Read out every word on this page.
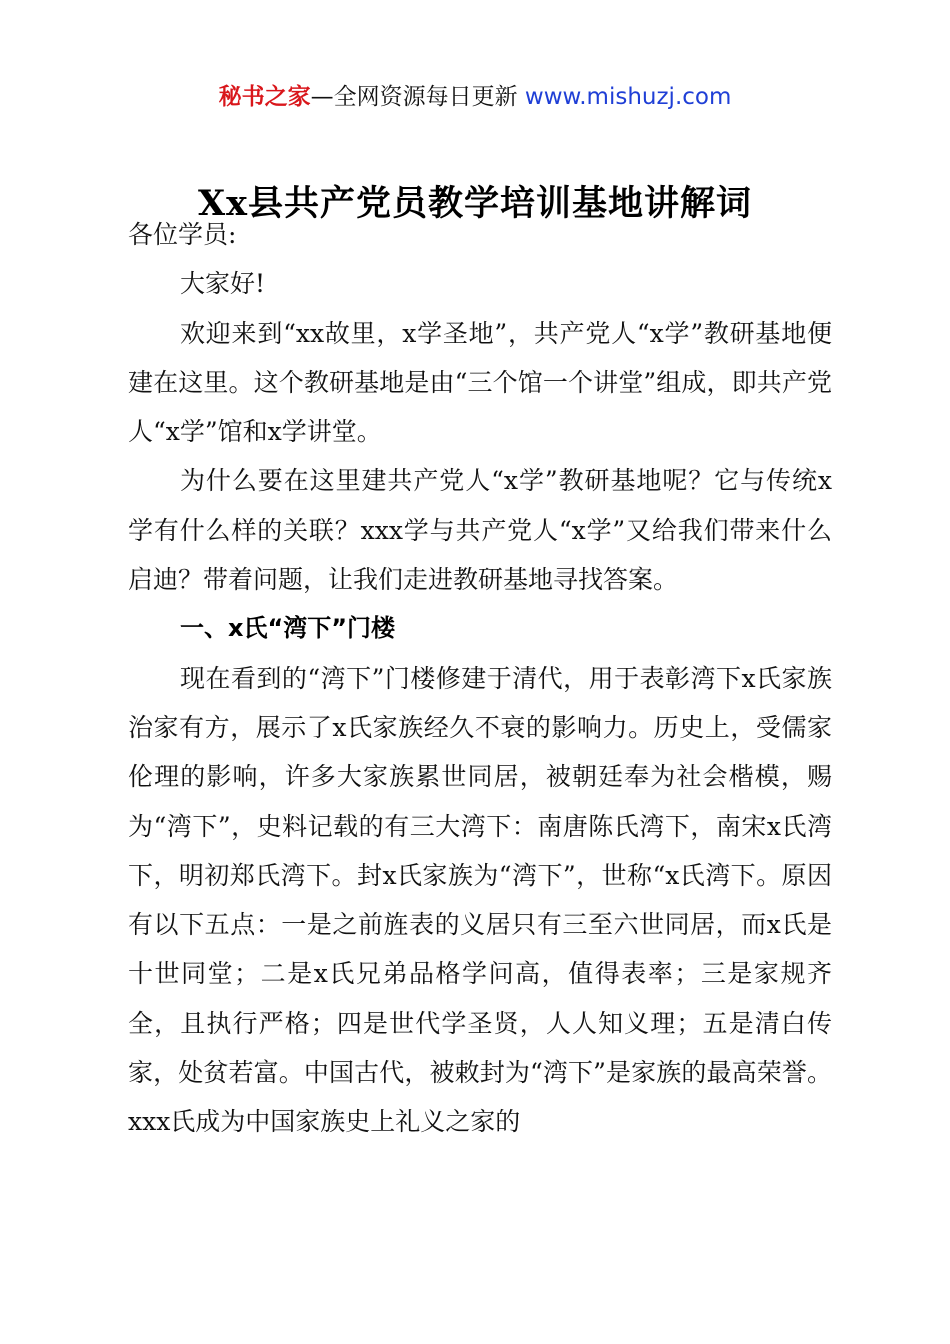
秘书之家—全网资源每日更新 www.mishuzj.com
Xx县共产党员教学培训基地讲解词

各位学员:

大家好!

欢迎来到“xx故里，x学圣地”，共产党人“x学”教研基地便建在这里。这个教研基地是由“三个馆一个讲堂”组成，即共产党人“x学”馆和x学讲堂。

为什么要在这里建共产党人“x学”教研基地呢？它与传统x学有什么样的关联？xxx学与共产党人“x学”又给我们带来什么启迪？带着问题，让我们走进教研基地寻找答案。

一、x氏“湾下”门楼

现在看到的“湾下”门楼修建于清代，用于表彰湾下x氏家族治家有方，展示了x氏家族经久不衰的影响力。历史上，受儒家伦理的影响，许多大家族累世同居，被朝廷奉为社会楷模，赐为“湾下”，史料记载的有三大湾下：南唐陈氏湾下，南宋x氏湾下，明初郑氏湾下。封x氏家族为“湾下”，世称“x氏湾下。原因有以下五点：一是之前旌表的义居只有三至六世同居，而x氏是十世同堂；二是x氏兄弟品格学问高，值得表率；三是家规齐全，且执行严格；四是世代学圣贤，人人知义理；五是清白传家，处贫若富。中国古代，被敕封为“湾下”是家族的最高荣誉。xxx氏成为中国家族史上礼义之家的
